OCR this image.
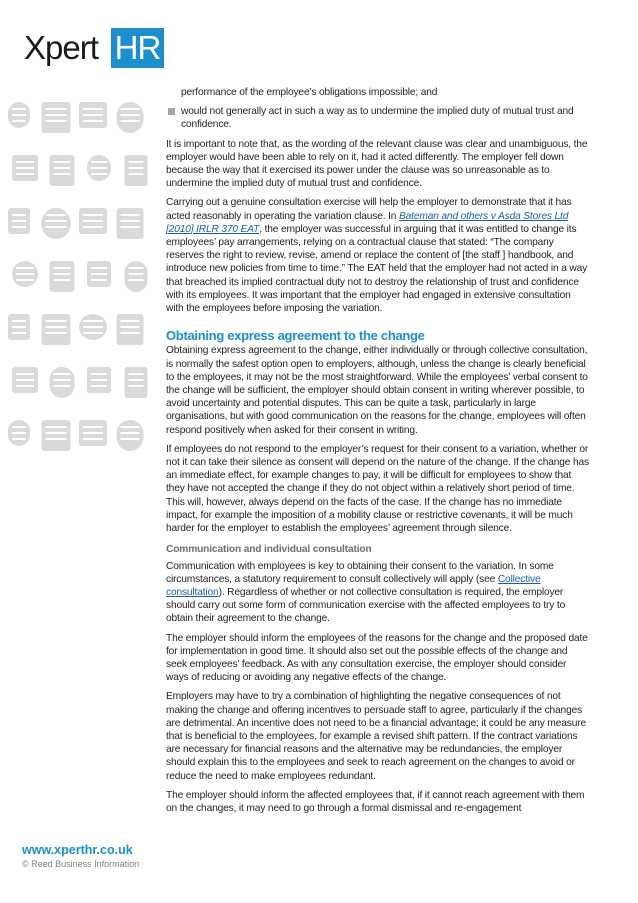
Xpert HR
www.xperthr.co.uk
© Reed Business Information

performance of the employee’s obligations impossible; and

would not generally act in such a way as to undermine the implied duty of mutual trust and confidence.

It is important to note that, as the wording of the relevant clause was clear and unambiguous, the employer would have been able to rely on it, had it acted differently. The employer fell down because the way that it exercised its power under the clause was so unreasonable as to undermine the implied duty of mutual trust and confidence.

Carrying out a genuine consultation exercise will help the employer to demonstrate that it has acted reasonably in operating the variation clause. In Bateman and others v Asda Stores Ltd [2010] IRLR 370 EAT, the employer was successful in arguing that it was entitled to change its employees’ pay arrangements, relying on a contractual clause that stated: “The company reserves the right to review, revise, amend or replace the content of [the staff ] handbook, and introduce new policies from time to time.” The EAT held that the employer had not acted in a way that breached its implied contractual duty not to destroy the relationship of trust and confidence with its employees. It was important that the employer had engaged in extensive consultation with the employees before imposing the variation.

Obtaining express agreement to the change

Obtaining express agreement to the change, either individually or through collective consultation, is normally the safest option open to employers, although, unless the change is clearly beneficial to the employees, it may not be the most straightforward. While the employees’ verbal consent to the change will be sufficient, the employer should obtain consent in writing wherever possible, to avoid uncertainty and potential disputes. This can be quite a task, particularly in large organisations, but with good communication on the reasons for the change, employees will often respond positively when asked for their consent in writing.

If employees do not respond to the employer’s request for their consent to a variation, whether or not it can take their silence as consent will depend on the nature of the change. If the change has an immediate effect, for example changes to pay, it will be difficult for employees to show that they have not accepted the change if they do not object within a relatively short period of time. This will, however, always depend on the facts of the case. If the change has no immediate impact, for example the imposition of a mobility clause or restrictive covenants, it will be much harder for the employer to establish the employees’ agreement through silence.

Communication and individual consultation

Communication with employees is key to obtaining their consent to the variation. In some circumstances, a statutory requirement to consult collectively will apply (see Collective consultation). Regardless of whether or not collective consultation is required, the employer should carry out some form of communication exercise with the affected employees to try to obtain their agreement to the change.

The employer should inform the employees of the reasons for the change and the proposed date for implementation in good time. It should also set out the possible effects of the change and seek employees’ feedback. As with any consultation exercise, the employer should consider ways of reducing or avoiding any negative effects of the change.

Employers may have to try a combination of highlighting the negative consequences of not making the change and offering incentives to persuade staff to agree, particularly if the changes are detrimental. An incentive does not need to be a financial advantage; it could be any measure that is beneficial to the employees, for example a revised shift pattern. If the contract variations are necessary for financial reasons and the alternative may be redundancies, the employer should explain this to the employees and seek to reach agreement on the changes to avoid or reduce the need to make employees redundant.

The employer should inform the affected employees that, if it cannot reach agreement with them on the changes, it may need to go through a formal dismissal and re-engagement
